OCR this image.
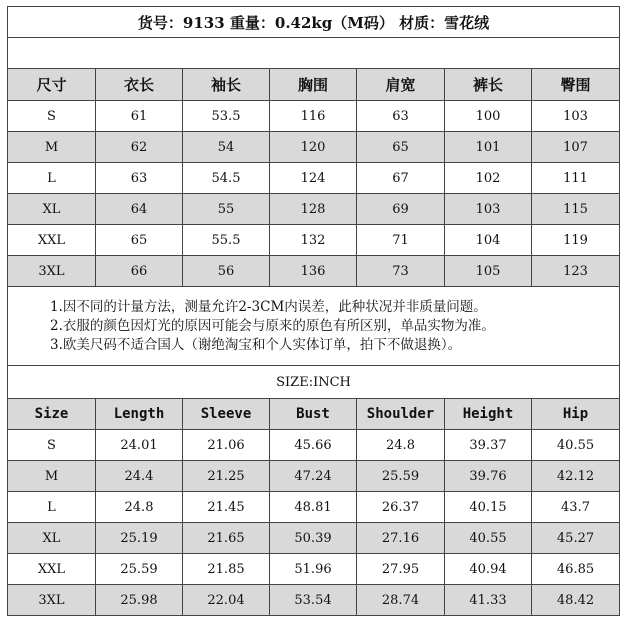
货号：9133 重量：0.42kg（M码） 材质：雪花绒						

尺寸	衣长	袖长	胸围	肩宽	裤长	臀围
S	61	53.5	116	63	100	103
M	62	54	120	65	101	107
L	63	54.5	124	67	102	111
XL	64	55	128	69	103	115
XXL	65	55.5	132	71	104	119
3XL	66	56	136	73	105	123

1.因不同的计量方法，测量允许2-3CM内误差，此种状况并非质量问题。
2.衣服的颜色因灯光的原因可能会与原来的原色有所区别，单品实物为准。
3.欧美尺码不适合国人（谢绝淘宝和个人实体订单，拍下不做退换）。						

SIZE:INCH						
Size	Length	Sleeve	Bust	Shoulder	Height	Hip
S	24.01	21.06	45.66	24.8	39.37	40.55
M	24.4	21.25	47.24	25.59	39.76	42.12
L	24.8	21.45	48.81	26.37	40.15	43.7
XL	25.19	21.65	50.39	27.16	40.55	45.27
XXL	25.59	21.85	51.96	27.95	40.94	46.85
3XL	25.98	22.04	53.54	28.74	41.33	48.42
